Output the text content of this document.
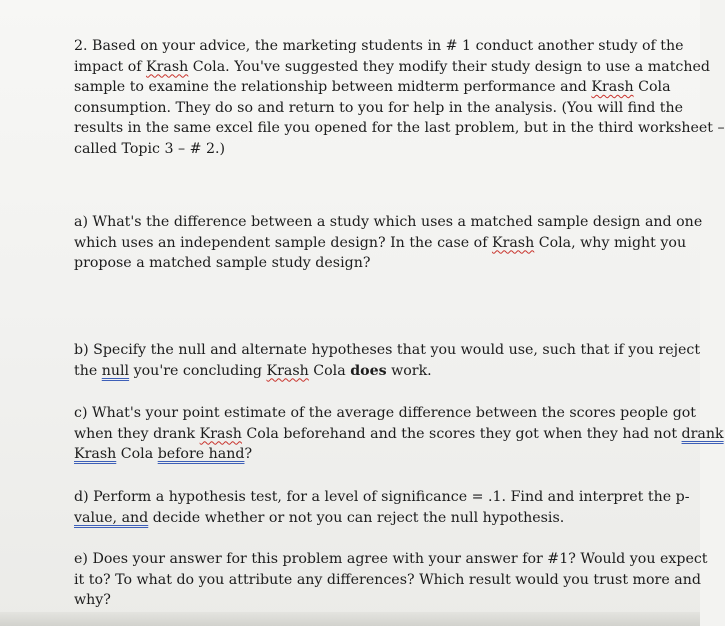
2. Based on your advice, the marketing students in # 1 conduct another study of the
impact of Krash Cola. You've suggested they modify their study design to use a matched
sample to examine the relationship between midterm performance and Krash Cola
consumption. They do so and return to you for help in the analysis. (You will find the
results in the same excel file you opened for the last problem, but in the third worksheet –
called Topic 3 – # 2.)

a) What's the difference between a study which uses a matched sample design and one
which uses an independent sample design? In the case of Krash Cola, why might you
propose a matched sample study design?

b) Specify the null and alternate hypotheses that you would use, such that if you reject
the null you're concluding Krash Cola does work.

c) What's your point estimate of the average difference between the scores people got
when they drank Krash Cola beforehand and the scores they got when they had not drank
Krash Cola before hand?

d) Perform a hypothesis test, for a level of significance = .1. Find and interpret the p-
value, and decide whether or not you can reject the null hypothesis.

e) Does your answer for this problem agree with your answer for #1? Would you expect
it to? To what do you attribute any differences? Which result would you trust more and
why?
